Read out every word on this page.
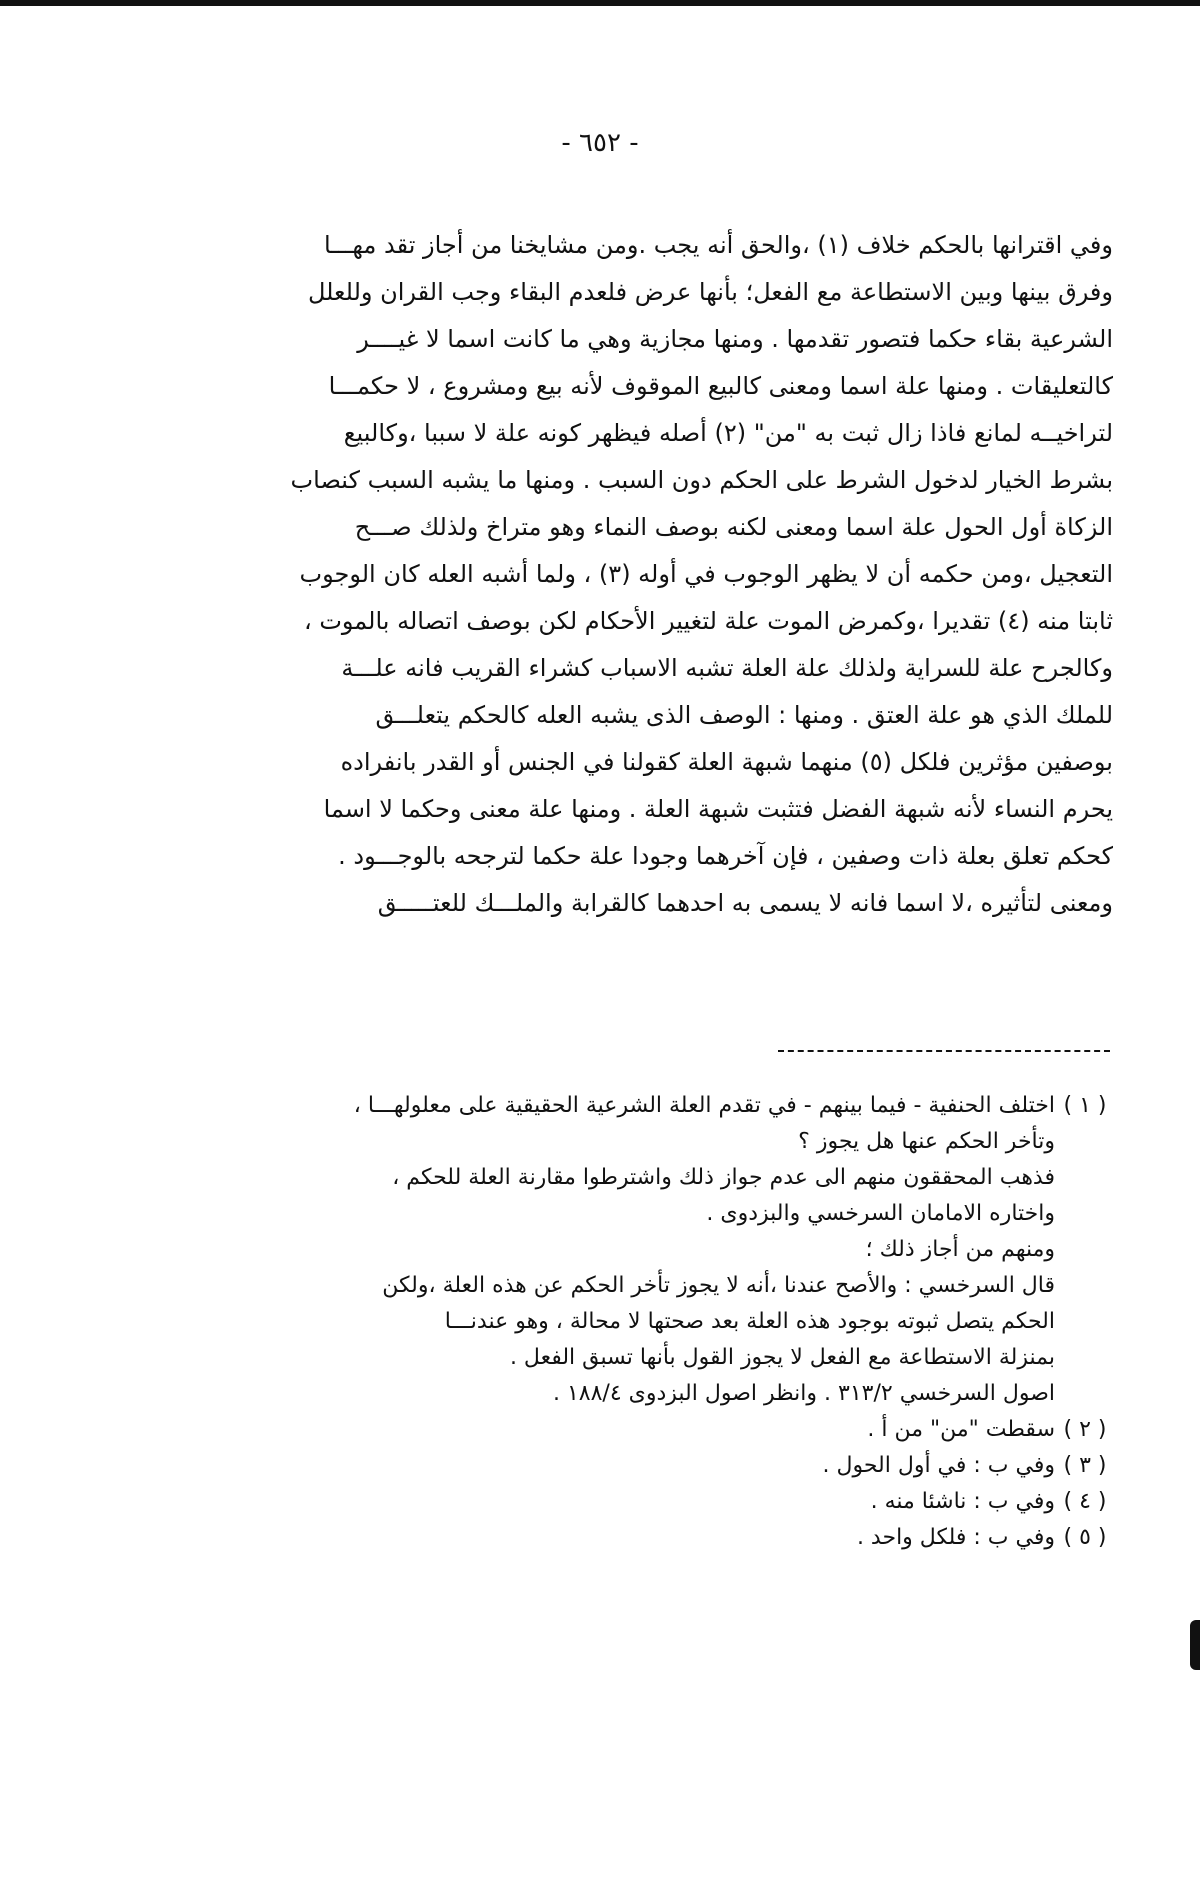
- ٦٥٢ -
وفي اقترانها بالحكم خلاف (١) ،والحق أنه يجب .ومن مشايخنا من أجاز تقد مهـــا
وفرق بينها وبين الاستطاعة مع الفعل؛ بأنها عرض فلعدم البقاء وجب القران وللعلل
الشرعية بقاء حكما فتصور تقدمها . ومنها مجازية وهي ما كانت اسما لا غيــــر
كالتعليقات . ومنها علة اسما ومعنى كالبيع الموقوف لأنه بيع ومشروع ، لا حكمـــا
لتراخيــه لمانع فاذا زال ثبت به "من" (٢) أصله فيظهر كونه علة لا سببا ،وكالبيع
بشرط الخيار لدخول الشرط على الحكم دون السبب . ومنها ما يشبه السبب كنصاب
الزكاة أول الحول علة اسما ومعنى لكنه بوصف النماء وهو متراخ ولذلك صـــح
التعجيل ،ومن حكمه أن لا يظهر الوجوب في أوله (٣) ، ولما أشبه العله كان الوجوب
ثابتا منه (٤) تقديرا ،وكمرض الموت علة لتغيير الأحكام لكن بوصف اتصاله بالموت ،
وكالجرح علة للسراية ولذلك علة العلة تشبه الاسباب كشراء القريب فانه علـــة
للملك الذي هو علة العتق . ومنها : الوصف الذى يشبه العله كالحكم يتعلـــق
بوصفين مؤثرين فلكل (٥) منهما شبهة العلة كقولنا في الجنس أو القدر بانفراده
يحرم النساء لأنه شبهة الفضل فتثبت شبهة العلة . ومنها علة معنى وحكما لا اسما
كحكم تعلق بعلة ذات وصفين ، فإن آخرهما وجودا علة حكما لترجحه بالوجـــود .
ومعنى لتأثيره ،لا اسما فانه لا يسمى به احدهما كالقرابة والملـــك للعتـــــق
( ١ )اختلف الحنفية - فيما بينهم - في تقدم العلة الشرعية الحقيقية على معلولهـــا ،
وتأخر الحكم عنها هل يجوز ؟
فذهب المحققون منهم الى عدم جواز ذلك واشترطوا مقارنة العلة للحكم ،
واختاره الامامان السرخسي والبزدوى .
ومنهم من أجاز ذلك ؛
قال السرخسي : والأصح عندنا ،أنه لا يجوز تأخر الحكم عن هذه العلة ،ولكن
الحكم يتصل ثبوته بوجود هذه العلة بعد صحتها لا محالة ، وهو عندنـــا
بمنزلة الاستطاعة مع الفعل لا يجوز القول بأنها تسبق الفعل .
اصول السرخسي ٣١٣/٢ . وانظر اصول البزدوى ١٨٨/٤ .
( ٢ )سقطت "من" من أ .
( ٣ )وفي ب : في أول الحول .
( ٤ )وفي ب : ناشئا منه .
( ٥ )وفي ب : فلكل واحد .
